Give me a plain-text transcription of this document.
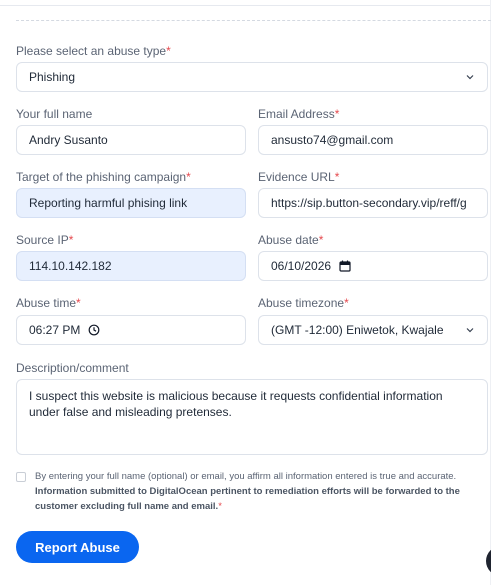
Please select an abuse type*
Phishing
Your full name
Andry Susanto
Email Address*
ansusto74@gmail.com
Target of the phishing campaign*
Reporting harmful phising link
Evidence URL*
https://sip.button-secondary.vip/reff/g
Source IP*
114.10.142.182
Abuse date*
06/10/2026
Abuse time*
06:27 PM
Abuse timezone*
(GMT -12:00) Eniwetok, Kwajale
Description/comment
I suspect this website is malicious because it requests confidential information
under false and misleading pretenses.
By entering your full name (optional) or email, you affirm all information entered is true and accurate. Information submitted to DigitalOcean pertinent to remediation efforts will be forwarded to the customer excluding full name and email.*
Report Abuse
